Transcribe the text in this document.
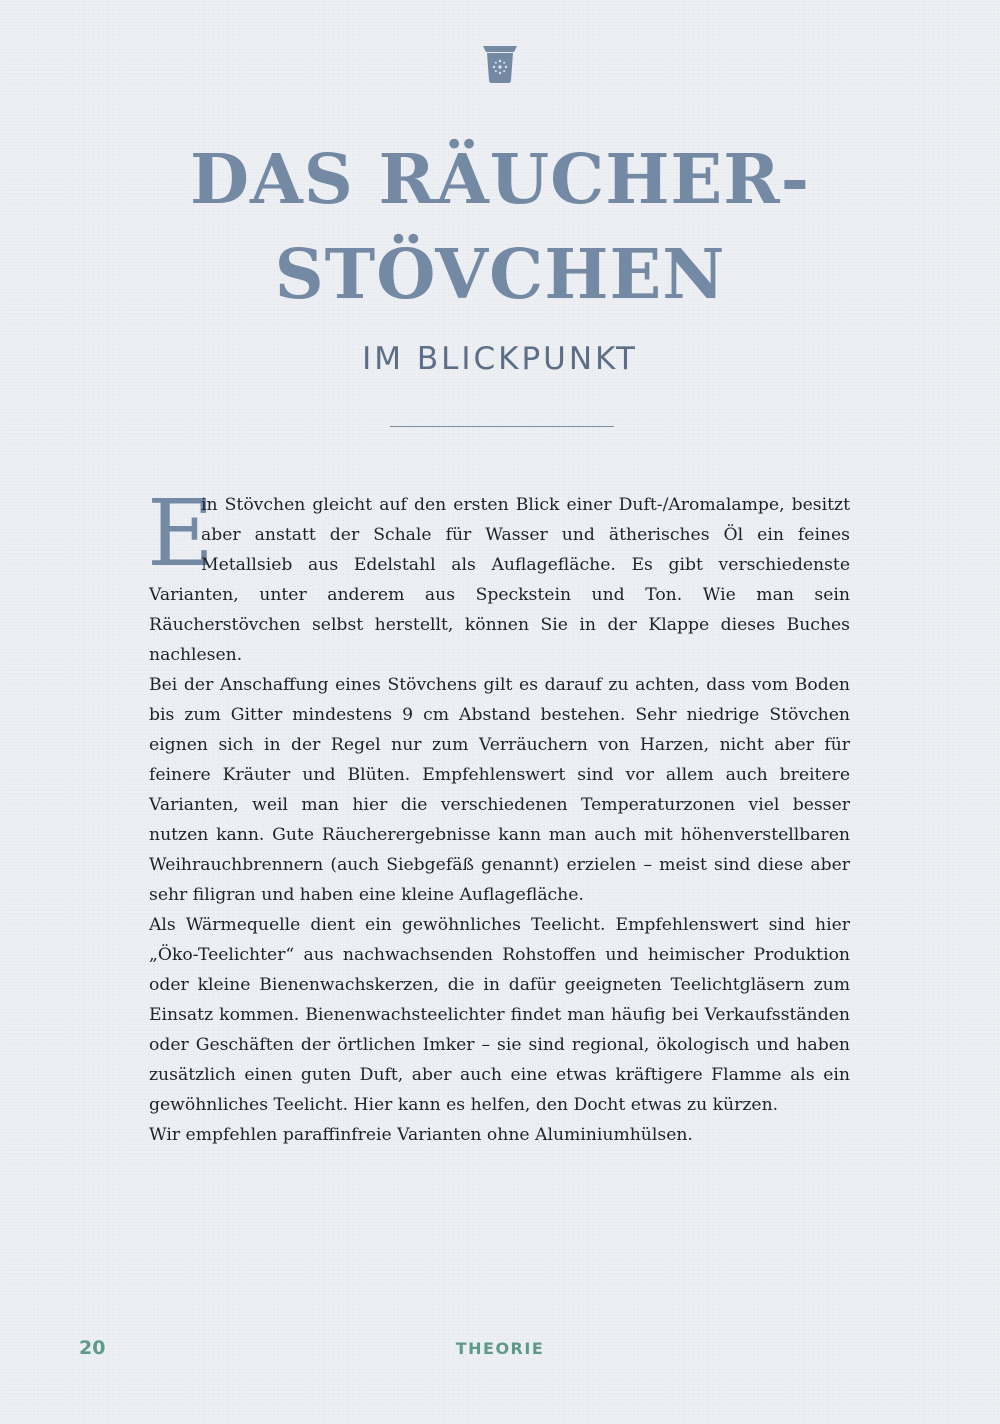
DAS RÄUCHER-
STÖVCHEN
IM BLICKPUNKT

E
in Stövchen gleicht auf den ersten Blick einer Duft-/Aromalampe, besitzt aber anstatt der Schale für Wasser und ätherisches Öl ein feines Metallsieb aus Edelstahl als Auflagefläche. Es gibt verschiedenste Varianten, unter anderem aus Speckstein und Ton. Wie man sein Räucherstövchen selbst herstellt, können Sie in der Klappe dieses Buches nachlesen.

Bei der Anschaffung eines Stövchens gilt es darauf zu achten, dass vom Boden bis zum Gitter mindestens 9 cm Abstand bestehen. Sehr niedrige Stövchen eignen sich in der Regel nur zum Verräuchern von Harzen, nicht aber für feinere Kräuter und Blüten. Empfehlenswert sind vor allem auch breitere Varianten, weil man hier die verschiedenen Temperaturzonen viel besser nutzen kann. Gute Räucherergebnisse kann man auch mit höhenverstellbaren Weihrauchbrennern (auch Siebgefäß genannt) erzielen – meist sind diese aber sehr filigran und haben eine kleine Auflagefläche.

Als Wärmequelle dient ein gewöhnliches Teelicht. Empfehlenswert sind hier „Öko-Teelichter“ aus nachwachsenden Rohstoffen und heimischer Produktion oder kleine Bienenwachskerzen, die in dafür geeigneten Teelichtgläsern zum Einsatz kommen. Bienenwachsteelichter findet man häufig bei Verkaufsständen oder Geschäften der örtlichen Imker – sie sind regional, ökologisch und haben zusätzlich einen guten Duft, aber auch eine etwas kräftigere Flamme als ein gewöhnliches Teelicht. Hier kann es helfen, den Docht etwas zu kürzen.

Wir empfehlen paraffinfreie Varianten ohne Aluminiumhülsen.

20	THEORIE
